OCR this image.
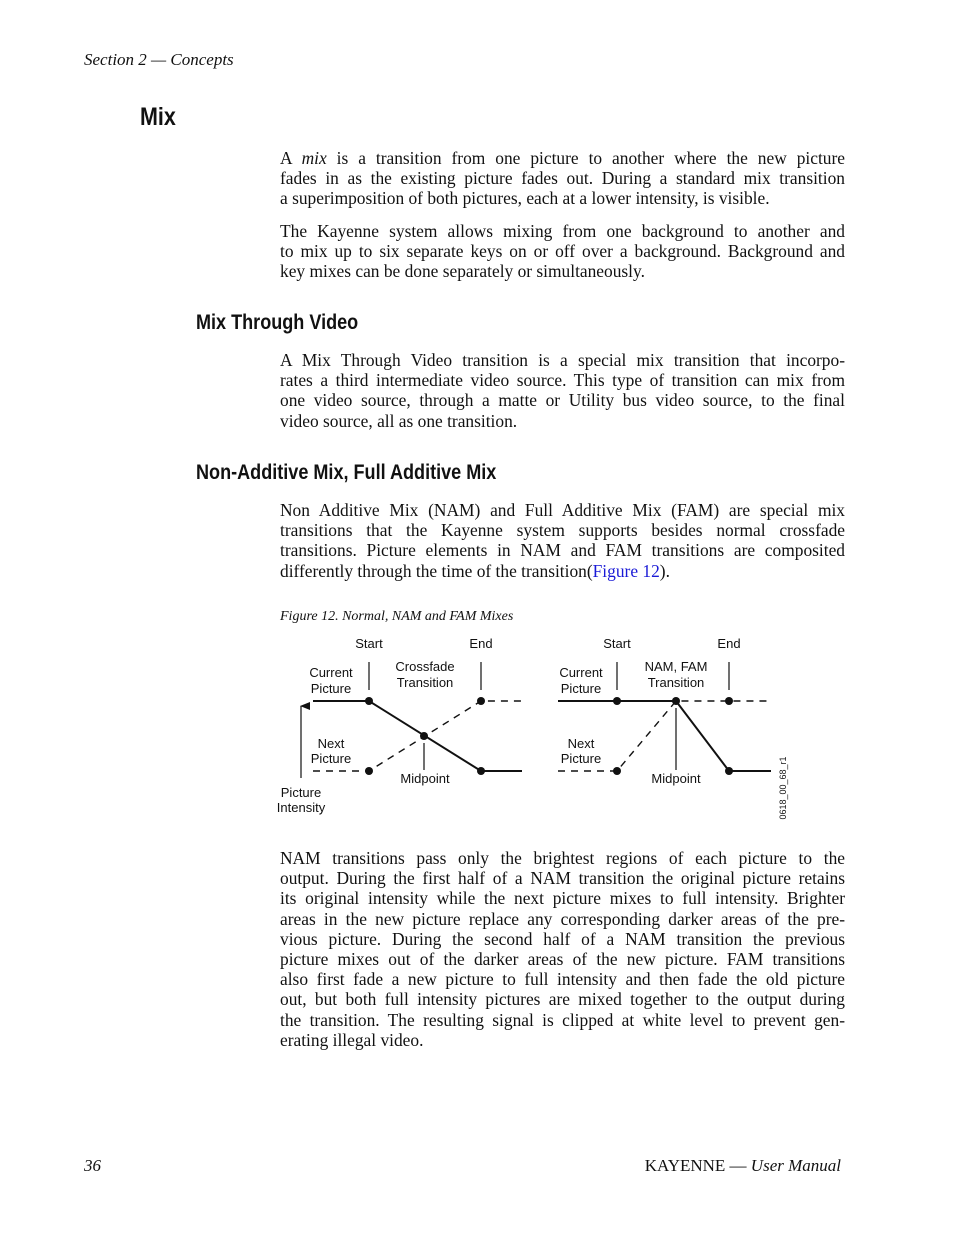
Section 2 — Concepts
Mix
A mix is a transition from one picture to another where the new picture
fades in as the existing picture fades out. During a standard mix transition
a superimposition of both pictures, each at a lower intensity, is visible.
The Kayenne system allows mixing from one background to another and
to mix up to six separate keys on or off over a background. Background and
key mixes can be done separately or simultaneously.
Mix Through Video
A Mix Through Video transition is a special mix transition that incorpo-
rates a third intermediate video source. This type of transition can mix from
one video source, through a matte or Utility bus video source, to the final
video source, all as one transition.
Non-Additive Mix, Full Additive Mix
Non Additive Mix (NAM) and Full Additive Mix (FAM) are special mix
transitions that the Kayenne system supports besides normal crossfade
transitions. Picture elements in NAM and FAM transitions are composited
differently through the time of the transition(Figure 12).
Figure 12. Normal, NAM and FAM Mixes
Start	End
Current
Picture
Crossfade
Transition
Next
Picture
Midpoint
Picture
Intensity
Start	End
Current
Picture
NAM, FAM
Transition
Next
Picture
Midpoint	0618_00_68_r1
NAM transitions pass only the brightest regions of each picture to the
output. During the first half of a NAM transition the original picture retains
its original intensity while the next picture mixes to full intensity. Brighter
areas in the new picture replace any corresponding darker areas of the pre-
vious picture. During the second half of a NAM transition the previous
picture mixes out of the darker areas of the new picture. FAM transitions
also first fade a new picture to full intensity and then fade the old picture
out, but both full intensity pictures are mixed together to the output during
the transition. The resulting signal is clipped at white level to prevent gen-
erating illegal video.
36	KAYENNE — User Manual
